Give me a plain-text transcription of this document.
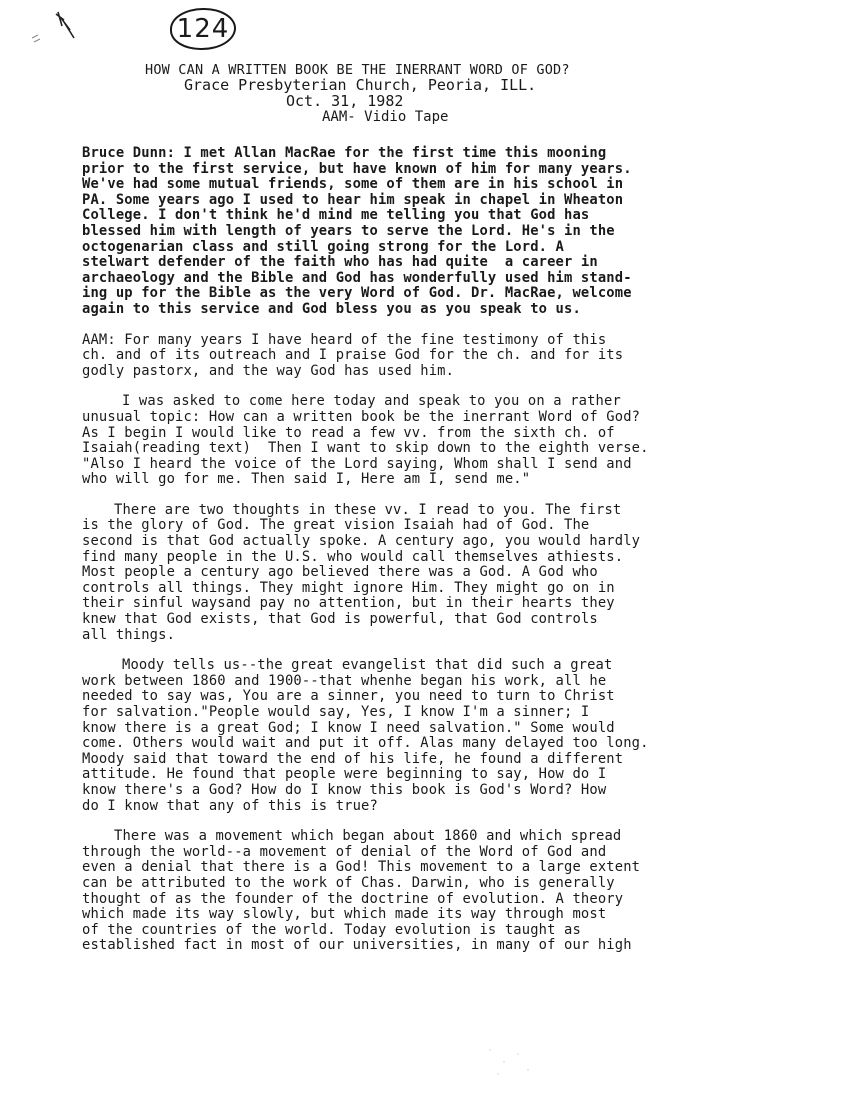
124
HOW CAN A WRITTEN BOOK BE THE INERRANT WORD OF GOD?
Grace Presbyterian Church, Peoria, ILL.
Oct. 31, 1982
AAM- Vidio Tape
Bruce Dunn: I met Allan MacRae for the first time this mooning
prior to the first service, but have known of him for many years.
We've had some mutual friends, some of them are in his school in
PA. Some years ago I used to hear him speak in chapel in Wheaton
College. I don't think he'd mind me telling you that God has
blessed him with length of years to serve the Lord. He's in the
octogenarian class and still going strong for the Lord. A
stelwart defender of the faith who has had quite  a career in
archaeology and the Bible and God has wonderfully used him stand-
ing up for the Bible as the very Word of God. Dr. MacRae, welcome
again to this service and God bless you as you speak to us.
AAM: For many years I have heard of the fine testimony of this
ch. and of its outreach and I praise God for the ch. and for its
godly pastorx, and the way God has used him.
I was asked to come here today and speak to you on a rather
unusual topic: How can a written book be the inerrant Word of God?
As I begin I would like to read a few vv. from the sixth ch. of
Isaiah(reading text)  Then I want to skip down to the eighth verse.
"Also I heard the voice of the Lord saying, Whom shall I send and
who will go for me. Then said I, Here am I, send me."
There are two thoughts in these vv. I read to you. The first
is the glory of God. The great vision Isaiah had of God. The
second is that God actually spoke. A century ago, you would hardly
find many people in the U.S. who would call themselves athiests.
Most people a century ago believed there was a God. A God who
controls all things. They might ignore Him. They might go on in
their sinful waysand pay no attention, but in their hearts they
knew that God exists, that God is powerful, that God controls
all things.
Moody tells us--the great evangelist that did such a great
work between 1860 and 1900--that whenhe began his work, all he
needed to say was, You are a sinner, you need to turn to Christ
for salvation."People would say, Yes, I know I'm a sinner; I
know there is a great God; I know I need salvation." Some would
come. Others would wait and put it off. Alas many delayed too long.
Moody said that toward the end of his life, he found a different
attitude. He found that people were beginning to say, How do I
know there's a God? How do I know this book is God's Word? How
do I know that any of this is true?
There was a movement which began about 1860 and which spread
through the world--a movement of denial of the Word of God and
even a denial that there is a God! This movement to a large extent
can be attributed to the work of Chas. Darwin, who is generally
thought of as the founder of the doctrine of evolution. A theory
which made its way slowly, but which made its way through most
of the countries of the world. Today evolution is taught as
established fact in most of our universities, in many of our high
